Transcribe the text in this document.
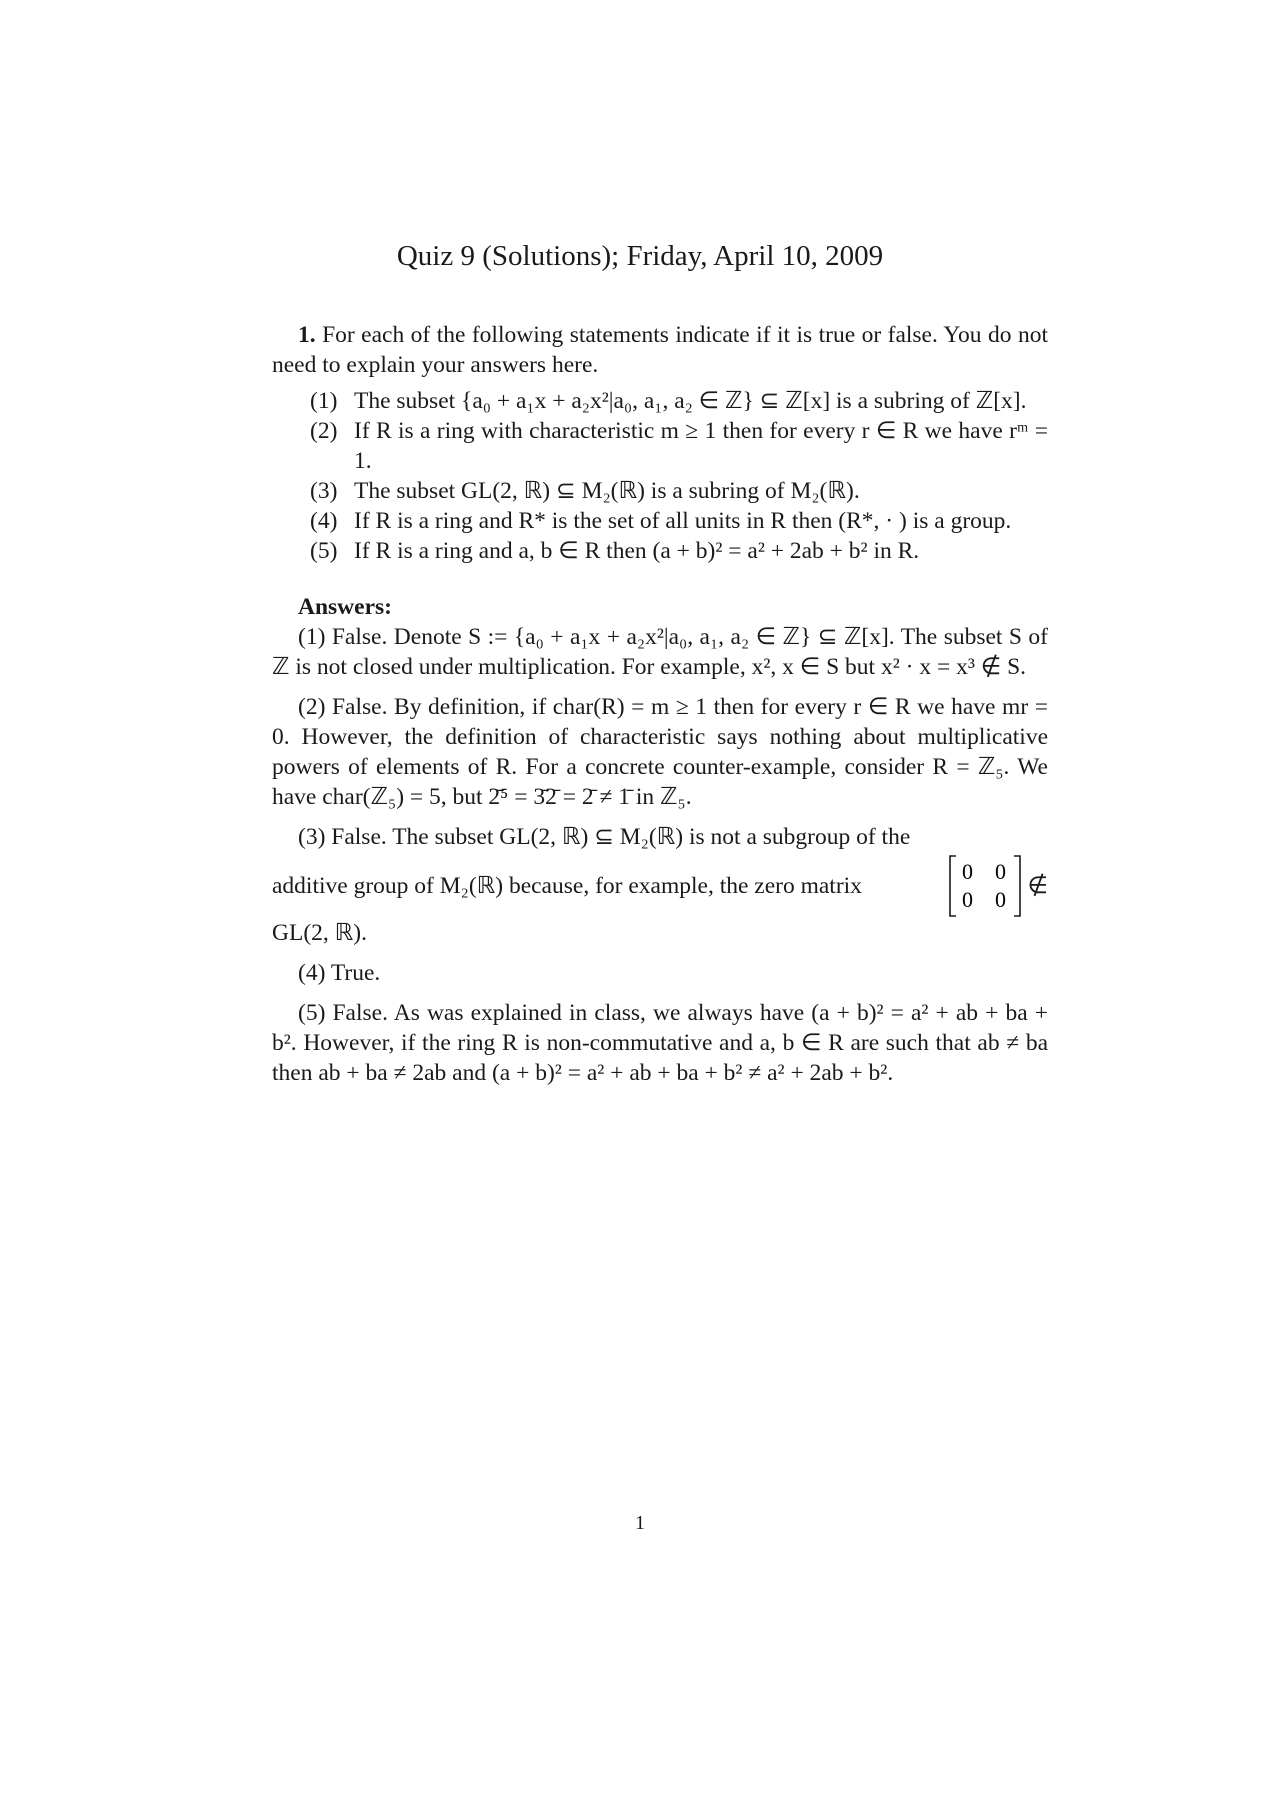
Quiz 9 (Solutions); Friday, April 10, 2009

1. For each of the following statements indicate if it is true or false. You do not need to explain your answers here.

(1) The subset {a₀ + a₁x + a₂x²|a₀, a₁, a₂ ∈ ℤ} ⊆ ℤ[x] is a subring of ℤ[x].

(2) If R is a ring with characteristic m ≥ 1 then for every r ∈ R we have rᵐ = 1.

(3) The subset GL(2, ℝ) ⊆ M₂(ℝ) is a subring of M₂(ℝ).

(4) If R is a ring and R* is the set of all units in R then (R*, · ) is a group.

(5) If R is a ring and a, b ∈ R then (a + b)² = a² + 2ab + b² in R.

Answers:

(1) False. Denote S := {a₀ + a₁x + a₂x²|a₀, a₁, a₂ ∈ ℤ} ⊆ ℤ[x]. The subset S of ℤ is not closed under multiplication. For example, x², x ∈ S but x² · x = x³ ∉ S.

(2) False. By definition, if char(R) = m ≥ 1 then for every r ∈ R we have mr = 0. However, the definition of characteristic says nothing about multiplicative powers of elements of R. For a concrete counter-example, consider R = ℤ₅. We have char(ℤ₅) = 5, but 2̄⁵ = 3̄2̄ = 2̄ ≠ 1̄ in ℤ₅.

(3) False. The subset GL(2, ℝ) ⊆ M₂(ℝ) is not a subgroup of the

additive group of M₂(ℝ) because, for example, the zero matrix
0 0
0 0
∉

GL(2, ℝ).

(4) True.

(5) False. As was explained in class, we always have (a + b)² = a² + ab + ba + b². However, if the ring R is non-commutative and a, b ∈ R are such that ab ≠ ba then ab + ba ≠ 2ab and (a + b)² = a² + ab + ba + b² ≠ a² + 2ab + b².

1
